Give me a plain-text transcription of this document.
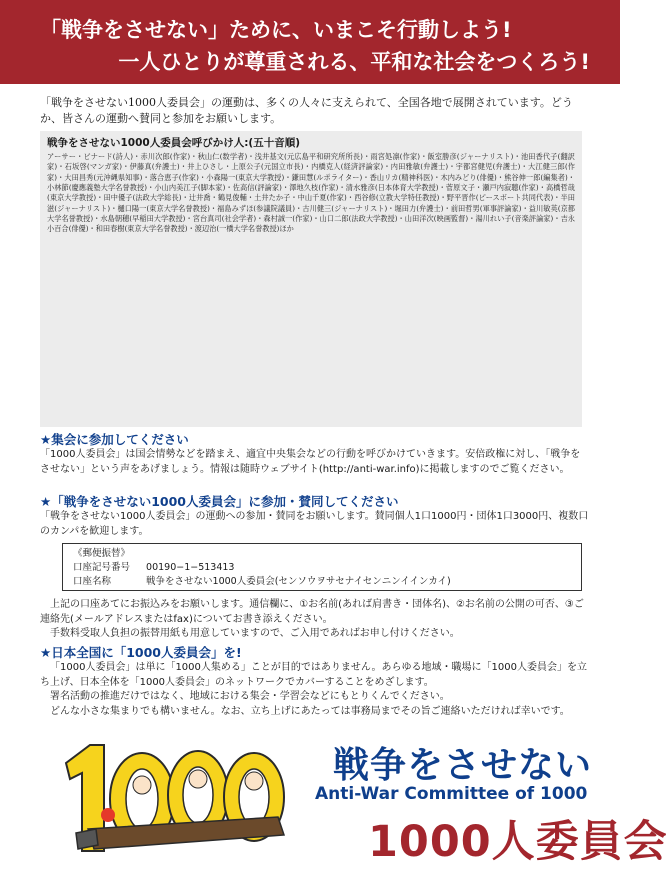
「戦争をさせない」ために、いまこそ行動しよう!
一人ひとりが尊重される、平和な社会をつくろう!
「戦争をさせない1000人委員会」の運動は、多くの人々に支えられて、全国各地で展開されています。どうか、皆さんの運動へ賛同と参加をお願いします。
戦争をさせない1000人委員会呼びかけ人:(五十音順)
アーサー・ビナード(詩人)・赤川次郎(作家)・秋山仁(数学者)・浅井基文(元広島平和研究所所長)・雨宮処凛(作家)・飯室勝彦(ジャーナリスト)・池田香代子(翻訳家)・石坂啓(マンガ家)・伊藤真(弁護士)・井上ひさし・上原公子(元国立市長)・内橋克人(経済評論家)・内田雅敏(弁護士)・宇都宮健児(弁護士)・大江健三郎(作家)・大田昌秀(元沖縄県知事)・落合恵子(作家)・小森陽一(東京大学教授)・鎌田慧(ルポライター)・香山リカ(精神科医)・木内みどり(俳優)・熊谷伸一郎(編集者)・小林節(慶應義塾大学名誉教授)・小山内美江子(脚本家)・佐高信(評論家)・澤地久枝(作家)・清水雅彦(日本体育大学教授)・菅原文子・瀬戸内寂聴(作家)・高橋哲哉(東京大学教授)・田中優子(法政大学総長)・辻井喬・鶴見俊輔・土井たか子・中山千夏(作家)・西谷修(立教大学特任教授)・野平晋作(ピースボート共同代表)・半田滋(ジャーナリスト)・樋口陽一(東京大学名誉教授)・福島みずほ(参議院議員)・古川健三(ジャーナリスト)・堀田力(弁護士)・前田哲男(軍事評論家)・益川敏英(京都大学名誉教授)・水島朝穂(早稲田大学教授)・宮台真司(社会学者)・森村誠一(作家)・山口二郎(法政大学教授)・山田洋次(映画監督)・湯川れい子(音楽評論家)・吉永小百合(俳優)・和田春樹(東京大学名誉教授)・渡辺治(一橋大学名誉教授)ほか
★集会に参加してください
「1000人委員会」は国会情勢などを踏まえ、適宜中央集会などの行動を呼びかけていきます。安倍政権に対し、「戦争をさせない」という声をあげましょう。情報は随時ウェブサイト(http://anti-war.info)に掲載しますのでご覧ください。
★「戦争をさせない1000人委員会」に参加・賛同してください
「戦争をさせない1000人委員会」の運動への参加・賛同をお願いします。賛同個人1口1000円・団体1口3000円、複数口のカンパを歓迎します。
《郵便振替》
口座記号番号 00190−1−513413
口座名称	戦争をさせない1000人委員会(センソウヲサセナイセンニンイインカイ)
上記の口座あてにお振込みをお願いします。通信欄に、①お名前(あれば肩書き・団体名)、②お名前の公開の可否、③ご連絡先(メールアドレスまたはfax)についてお書き添えください。
手数料受取人負担の振替用紙も用意していますので、ご入用であればお申し付けください。
★日本全国に「1000人委員会」を!
「1000人委員会」は単に「1000人集める」ことが目的ではありません。あらゆる地域・職場に「1000人委員会」を立ち上げ、日本全体を「1000人委員会」のネットワークでカバーすることをめざします。
署名活動の推進だけではなく、地域における集会・学習会などにもとりくんでください。
どんな小さな集まりでも構いません。なお、立ち上げにあたっては事務局までその旨ご連絡いただければ幸いです。
戦争をさせない
Anti-War Committee of 1000
1000人委員会
